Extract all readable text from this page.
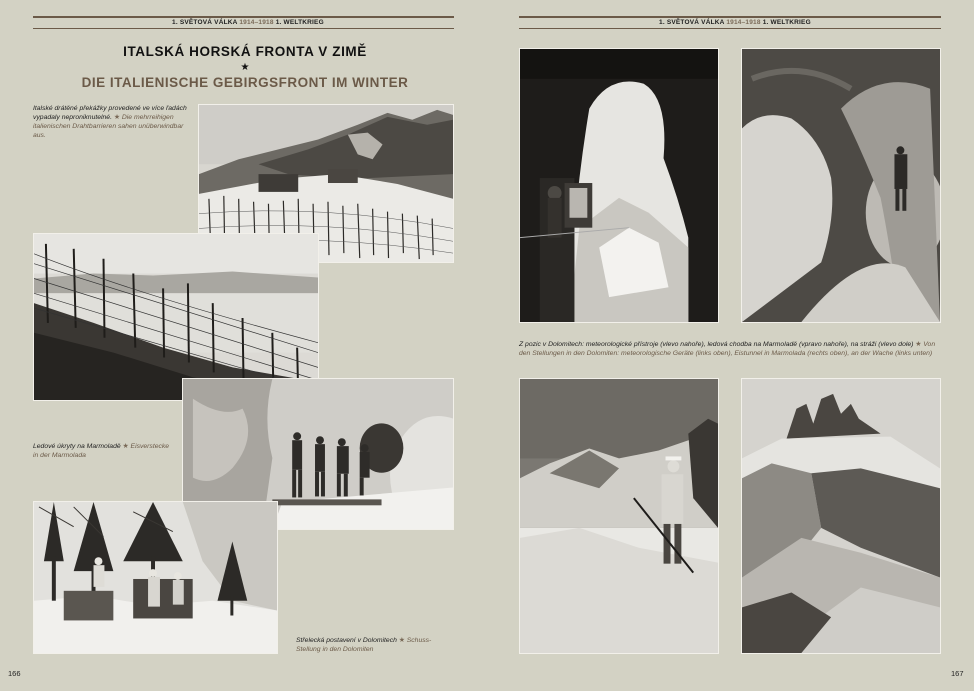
1. SVĚTOVÁ VÁLKA 1914–1918 1. WELTKRIEG	1. SVĚTOVÁ VÁLKA 1914–1918 1. WELTKRIEG
ITALSKÁ HORSKÁ FRONTA V ZIMĚ
★
DIE ITALIENISCHE GEBIRGSFRONT IM WINTER
Italské drátěné překážky provedené ve více řadách vypadaly neproniknutelné. ★ Die mehrreihigen italienischen Drahtbarrieren sahen unüberwindbar aus.
Ledové úkryty na Marmoladě ★ Eisverstecke in der Marmolada
Střelecká postavení v Dolomitech ★ Schuss-Stellung in den Dolomiten
Z pozic v Dolomitech: meteorologické přístroje (vlevo nahoře), ledová chodba na Marmoladě (vpravo nahoře), na stráži (vlevo dole) ★ Von den Stellungen in den Dolomiten: meteorologische Geräte (links oben), Eistunnel in Marmolada (rechts oben), an der Wache (links unten)
166	167
